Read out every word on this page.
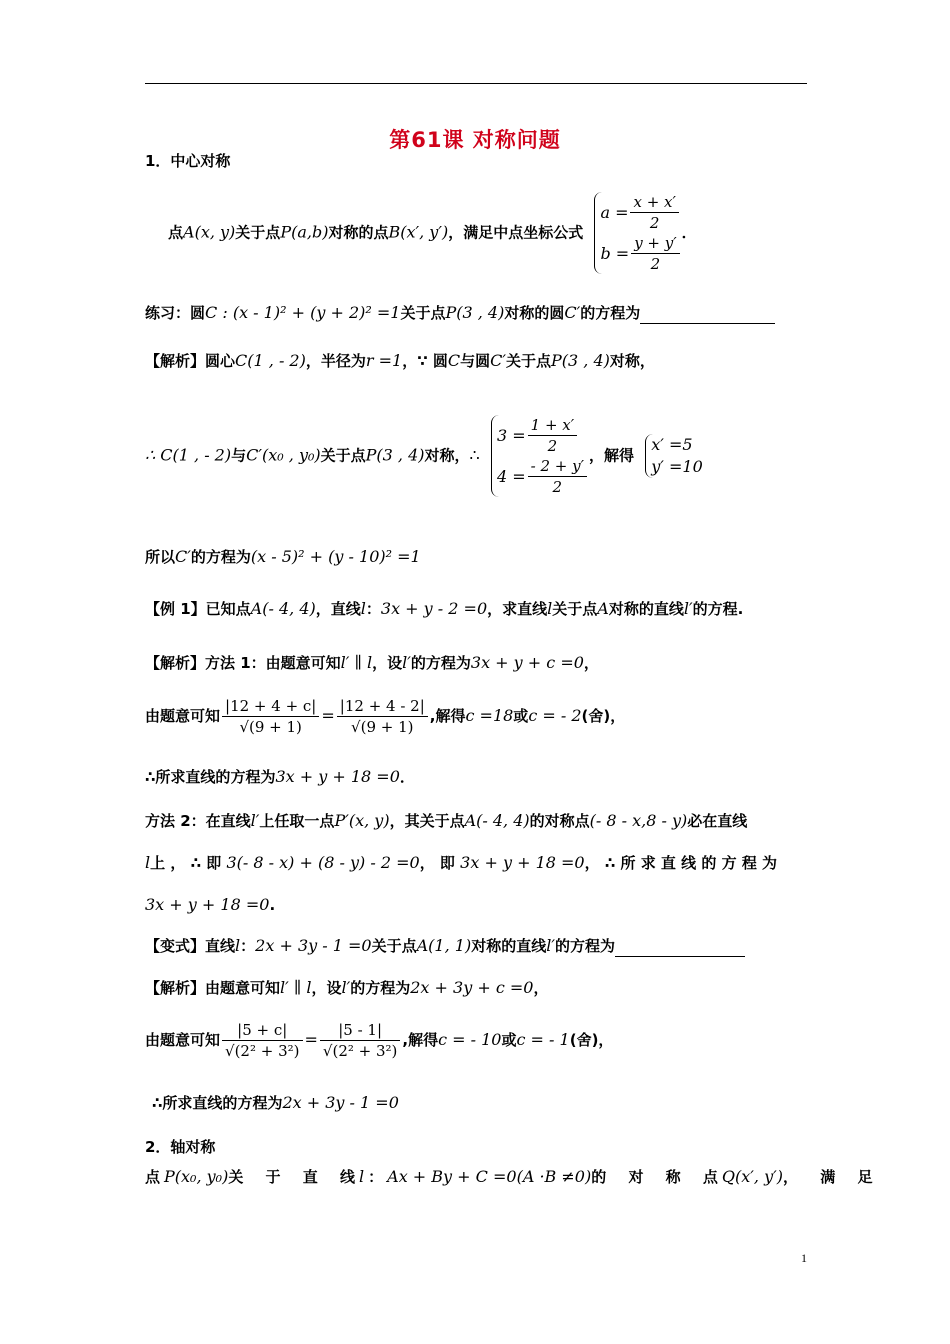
第61课 对称问题
1．中心对称
点A(x, y)关于点P(a,b)对称的点B(x′, y′)，满足中点坐标公式
$a = \frac{x + x'}{2}$
$b = \frac{y + y'}{2}$
．
练习：圆C : (x - 1)² + (y + 2)² =1关于点P(3 , 4)对称的圆C′的方程为
【解析】圆心C(1 , - 2)，半径为r =1，∵ 圆C与圆C′关于点P(3 , 4)对称，
∴ C(1 , - 2)与C′(x₀ , y₀)关于点P(3 , 4)对称，∴
$3 = \frac{1 + x'}{2}$
$4 = \frac{- 2 + y'}{2}$
，解得
x′ =5
y′ =10
所以C′的方程为(x - 5)² + (y - 10)² =1
【例 1】已知点A(- 4, 4)，直线l：3x + y - 2 =0，求直线l关于点A对称的直线l′的方程.
【解析】方法 1：由题意可知l′ ∥ l，设l′的方程为3x + y + c =0，
由题意可知 $\frac{|12 + 4 + c|}{√(9 + 1)} = \frac{|12 + 4 - 2|}{√(9 + 1)}$ ,解得c =18或c = - 2(舍)，
∴所求直线的方程为3x + y + 18 =0．
方法 2：在直线l′上任取一点P′(x, y)，其关于点A(- 4, 4)的对称点(- 8 - x,8 - y)必在直线
l上 ， ∴ 即 3(- 8 - x) + (8 - y) - 2 =0， 即 3x + y + 18 =0， ∴ 所 求 直 线 的 方 程 为
3x + y + 18 =0.
【变式】直线l：2x + 3y - 1 =0关于点A(1, 1)对称的直线l′的方程为
【解析】由题意可知l′ ∥ l，设l′的方程为2x + 3y + c =0，
由题意可知 $\frac{|5 + c|}{\text{√(2² + 3²)}} = \frac{|5 - 1|}{\text{√(2² + 3²)}}$ ,解得c = - 10或c = - 1(舍)，
∴所求直线的方程为2x + 3y - 1 =0
2．轴对称
点P(x₀, y₀)关 于 直 线l：Ax + By + C =0(A ·B ≠0)的 对 称 点Q(x′, y′)， 满 足
1
